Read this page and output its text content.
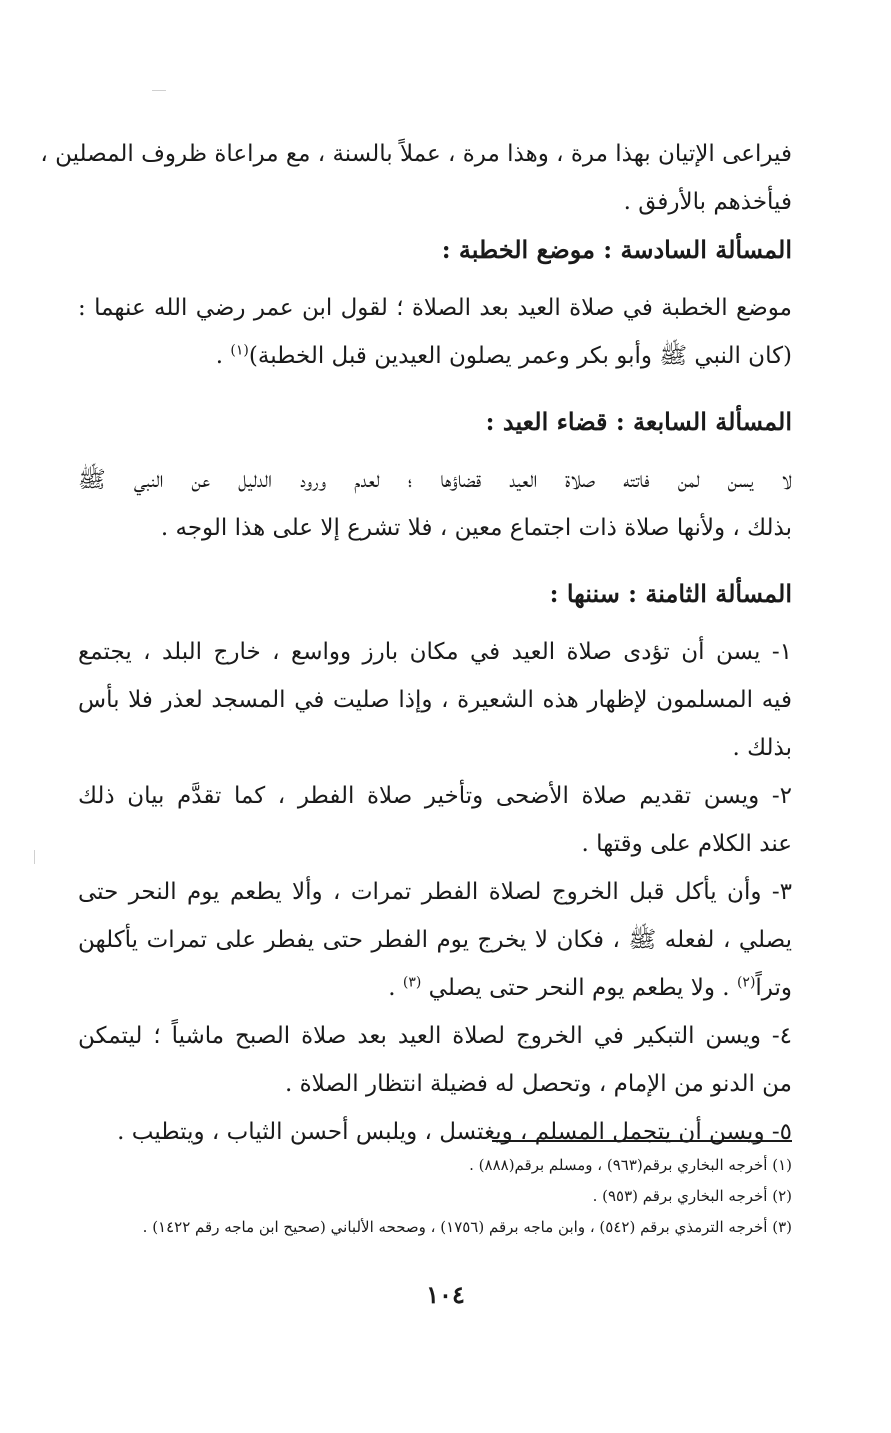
فيراعى الإتيان بهذا مرة ، وهذا مرة ، عملاً بالسنة ، مع مراعاة ظروف المصلين ،
فيأخذهم بالأرفق .
المسألة السادسة : موضع الخطبة :
موضع الخطبة في صلاة العيد بعد الصلاة ؛ لقول ابن عمر رضي الله عنهما :
(كان النبي ﷺ وأبو بكر وعمر يصلون العيدين قبل الخطبة)$^{(١)}$ .
المسألة السابعة : قضاء العيد :
لا يسن لمن فاتته صلاة العيد قضاؤها ؛ لعدم ورود الدليل عن النبي ﷺ
بذلك ، ولأنها صلاة ذات اجتماع معين ، فلا تشرع إلا على هذا الوجه .
المسألة الثامنة : سننها :
١- يسن أن تؤدى صلاة العيد في مكان بارز وواسع ، خارج البلد ، يجتمع
فيه المسلمون لإظهار هذه الشعيرة ، وإذا صليت في المسجد لعذر فلا بأس
بذلك .
٢- ويسن تقديم صلاة الأضحى وتأخير صلاة الفطر ، كما تقدَّم بيان ذلك
عند الكلام على وقتها .
٣- وأن يأكل قبل الخروج لصلاة الفطر تمرات ، وألا يطعم يوم النحر حتى
يصلي ، لفعله ﷺ ، فكان لا يخرج يوم الفطر حتى يفطر على تمرات يأكلهن
وتراً$^{(٢)}$ . ولا يطعم يوم النحر حتى يصلي $^{(٣)}$ .
٤- ويسن التبكير في الخروج لصلاة العيد بعد صلاة الصبح ماشياً ؛ ليتمكن
من الدنو من الإمام ، وتحصل له فضيلة انتظار الصلاة .
٥- ويسن أن يتجمل المسلم ، ويغتسل ، ويلبس أحسن الثياب ، ويتطيب .
(١) أخرجه البخاري برقم(٩٦٣) ، ومسلم برقم(٨٨٨) .
(٢) أخرجه البخاري برقم (٩٥٣) .
(٣) أخرجه الترمذي برقم (٥٤٢) ، وابن ماجه برقم (١٧٥٦) ، وصححه الألباني (صحيح ابن ماجه رقم ١٤٢٢) .
١٠٤
